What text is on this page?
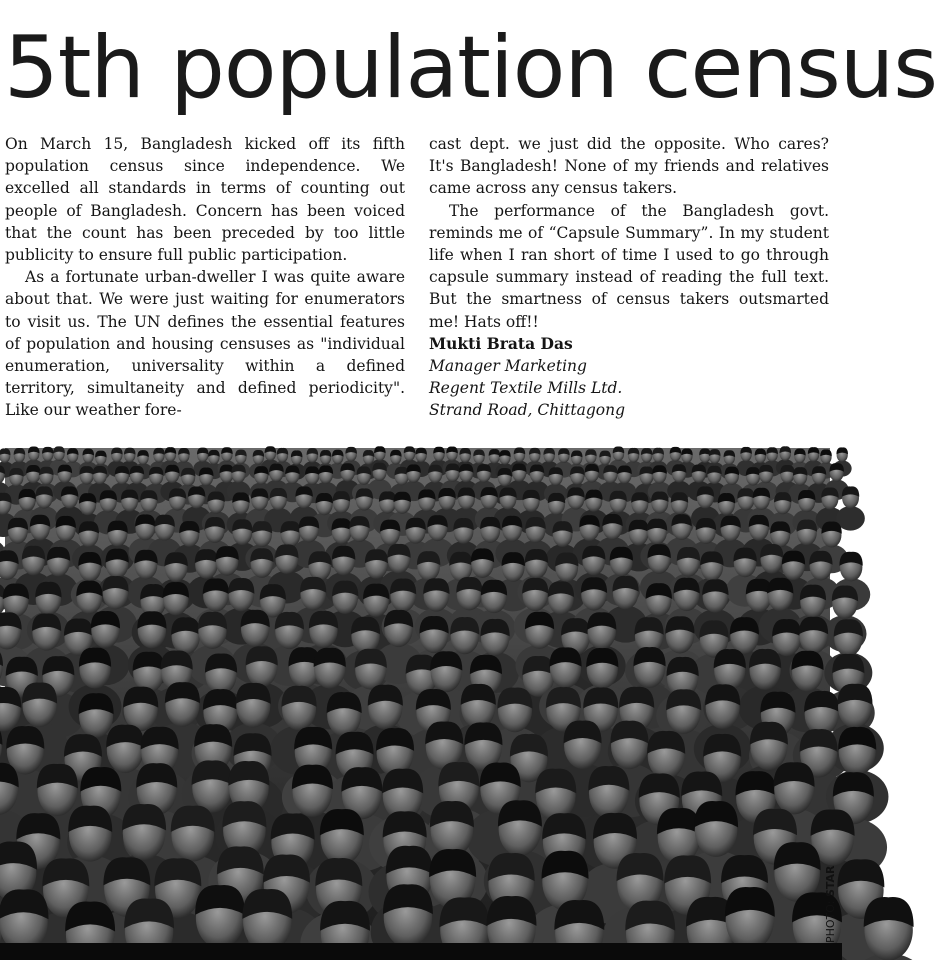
5th population census

On March 15, Bangladesh kicked off its fifth population census since independence. We excelled all standards in terms of counting out people of Bangladesh. Concern has been voiced that the count has been preceded by too little publicity to ensure full public participation.

As a fortunate urban-dweller I was quite aware about that. We were just waiting for enumerators to visit us. The UN defines the essential features of population and housing censuses as "individual enumeration, universality within a defined territory, simultaneity and defined periodicity". Like our weather fore-

cast dept. we just did the opposite. Who cares? It's Bangladesh! None of my friends and relatives came across any census takers.

The performance of the Bangladesh govt. reminds me of “Capsule Summary”. In my student life when I ran short of time I used to go through capsule summary instead of reading the full text. But the smartness of census takers outsmarted me! Hats off!!

Mukti Brata Das

Manager Marketing

Regent Textile Mills Ltd.

Strand Road, Chittagong

PHOTO: STAR
